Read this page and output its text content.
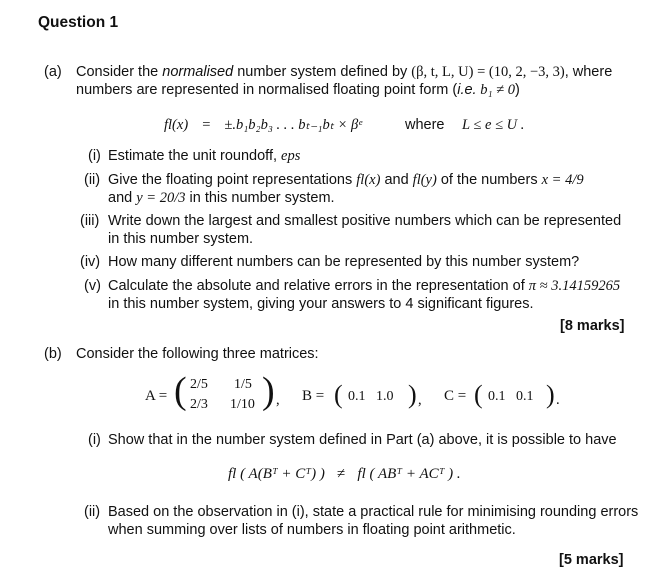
Question 1
(a) Consider the normalised number system defined by (β, t, L, U) = (10, 2, −3, 3), where
numbers are represented in normalised floating point form (i.e. b₁ ≠ 0)
fl(x) = ±.b₁b₂b₃ . . . bₜ₋₁bₜ × βᵉ	where L ≤ e ≤ U .
(i) Estimate the unit roundoff, eps
(ii) Give the floating point representations fl(x) and fl(y) of the numbers x = 4/9
and y = 20/3 in this number system.
(iii) Write down the largest and smallest positive numbers which can be represented
in this number system.
(iv) How many different numbers can be represented by this number system?
(v) Calculate the absolute and relative errors in the representation of π ≈ 3.14159265
in this number system, giving your answers to 4 significant figures.
[8 marks]
(b) Consider the following three matrices:
A = ( 2/5 1/5
2/3 1/10 ) , B = ( 0.1   1.0 ) , C = ( 0.1   0.1 ) .
(i) Show that in the number system defined in Part (a) above, it is possible to have
fl ( A(Bᵀ + Cᵀ) ) ≠ fl ( ABᵀ + ACᵀ ) .
(ii) Based on the observation in (i), state a practical rule for minimising rounding errors
when summing over lists of numbers in floating point arithmetic.
[5 marks]
